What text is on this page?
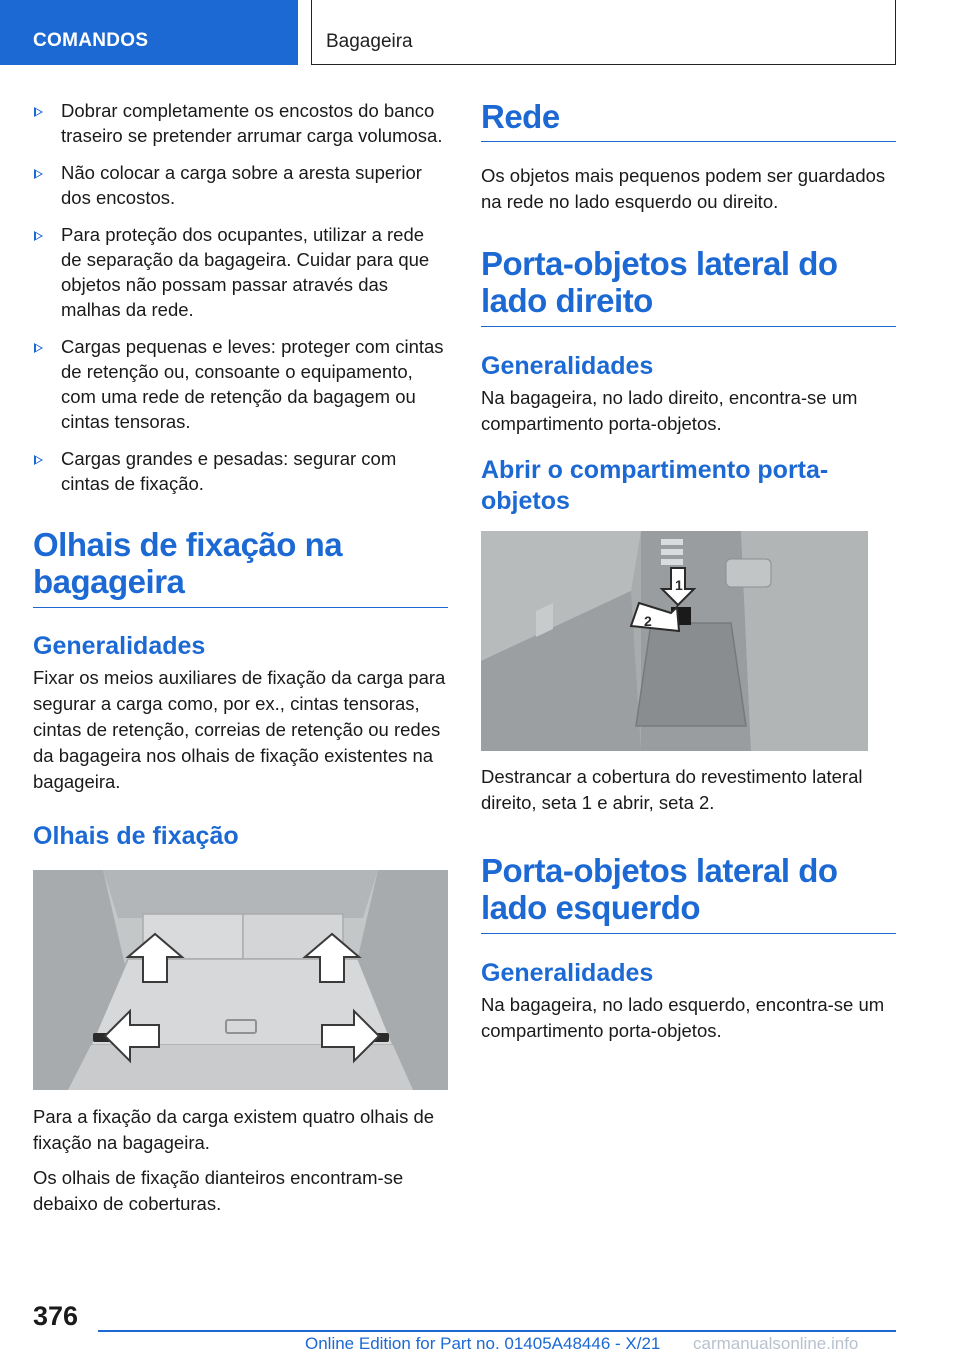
COMANDOS	Bagageira
Dobrar completamente os encostos do banco traseiro se pretender arrumar carga volumosa.
Não colocar a carga sobre a aresta superior dos encostos.
Para proteção dos ocupantes, utilizar a rede de separação da bagageira. Cuidar para que objetos não possam passar através das malhas da rede.
Cargas pequenas e leves: proteger com cintas de retenção ou, consoante o equipamento, com uma rede de retenção da bagagem ou cintas tensoras.
Cargas grandes e pesadas: segurar com cintas de fixação.
Olhais de fixação na bagageira
Generalidades

Fixar os meios auxiliares de fixação da carga para segurar a carga como, por ex., cintas tensoras, cintas de retenção, correias de retenção ou redes da bagageira nos olhais de fixação existentes na bagageira.

Olhais de fixação

Para a fixação da carga existem quatro olhais de fixação na bagageira.

Os olhais de fixação dianteiros encontram-se debaixo de coberturas.

Rede

Os objetos mais pequenos podem ser guardados na rede no lado esquerdo ou direito.

Porta-objetos lateral do lado direito
Generalidades

Na bagageira, no lado direito, encontra-se um compartimento porta-objetos.

Abrir o compartimento porta-objetos
1
2

Destrancar a cobertura do revestimento lateral direito, seta 1 e abrir, seta 2.

Porta-objetos lateral do lado esquerdo
Generalidades

Na bagageira, no lado esquerdo, encontra-se um compartimento porta-objetos.

376
Online Edition for Part no. 01405A48446 - X/21 carmanualsonline.info
